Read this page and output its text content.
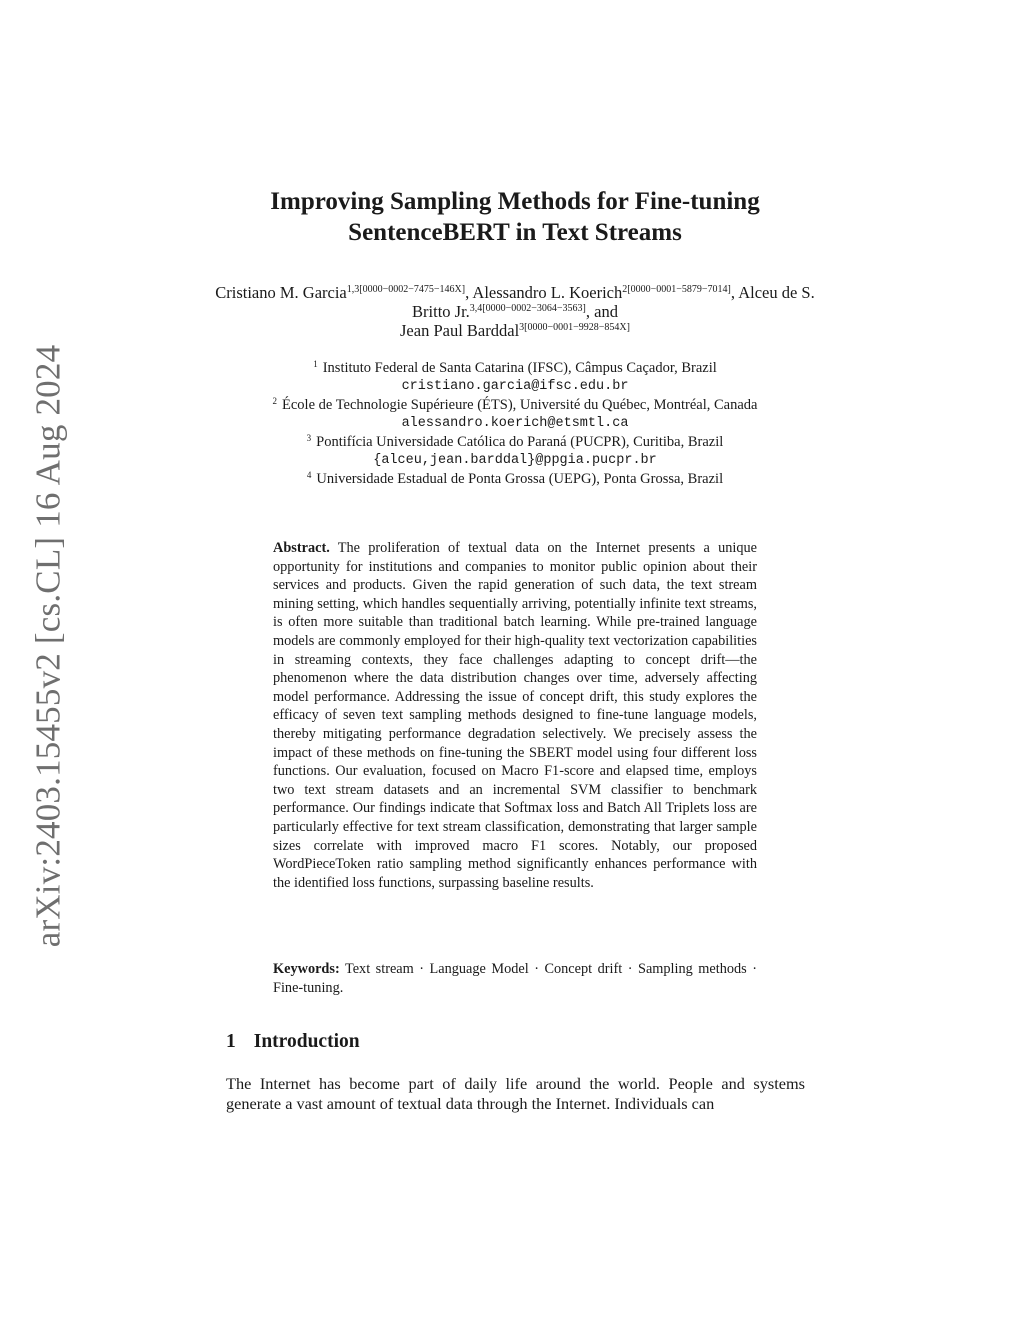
arXiv:2403.15455v2 [cs.CL] 16 Aug 2024
Improving Sampling Methods for Fine-tuning
SentenceBERT in Text Streams
Cristiano M. Garcia$^{1,3[0000-0002-7475-146X]}$, Alessandro L. Koerich$^{2[0000-0001-5879-7014]}$, Alceu de S. Britto Jr.$^{3,4[0000-0002-3064-3563]}$, and
Jean Paul Barddal$^{3[0000-0001-9928-854X]}$
$^1$ Instituto Federal de Santa Catarina (IFSC), Câmpus Caçador, Brazil
cristiano.garcia@ifsc.edu.br
$^2$ École de Technologie Supérieure (ÉTS), Université du Québec, Montréal, Canada
alessandro.koerich@etsmtl.ca
$^3$ Pontifícia Universidade Católica do Paraná (PUCPR), Curitiba, Brazil
{alceu,jean.barddal}@ppgia.pucpr.br
$^4$ Universidade Estadual de Ponta Grossa (UEPG), Ponta Grossa, Brazil
Abstract. The proliferation of textual data on the Internet presents a unique opportunity for institutions and companies to monitor public opinion about their services and products. Given the rapid generation of such data, the text stream mining setting, which handles sequentially arriving, potentially infinite text streams, is often more suitable than traditional batch learning. While pre-trained language models are commonly employed for their high-quality text vectorization capabilities in streaming contexts, they face challenges adapting to concept drift—the phenomenon where the data distribution changes over time, adversely affecting model performance. Addressing the issue of concept drift, this study explores the efficacy of seven text sampling methods designed to fine-tune language models, thereby mitigating performance degradation selectively. We precisely assess the impact of these methods on fine-tuning the SBERT model using four different loss functions. Our evaluation, focused on Macro F1-score and elapsed time, employs two text stream datasets and an incremental SVM classifier to benchmark performance. Our findings indicate that Softmax loss and Batch All Triplets loss are particularly effective for text stream classification, demonstrating that larger sample sizes correlate with improved macro F1 scores. Notably, our proposed WordPieceToken ratio sampling method significantly enhances performance with the identified loss functions, surpassing baseline results.
Keywords: Text stream · Language Model · Concept drift · Sampling methods · Fine-tuning.
1 Introduction
The Internet has become part of daily life around the world. People and systems generate a vast amount of textual data through the Internet. Individuals can
